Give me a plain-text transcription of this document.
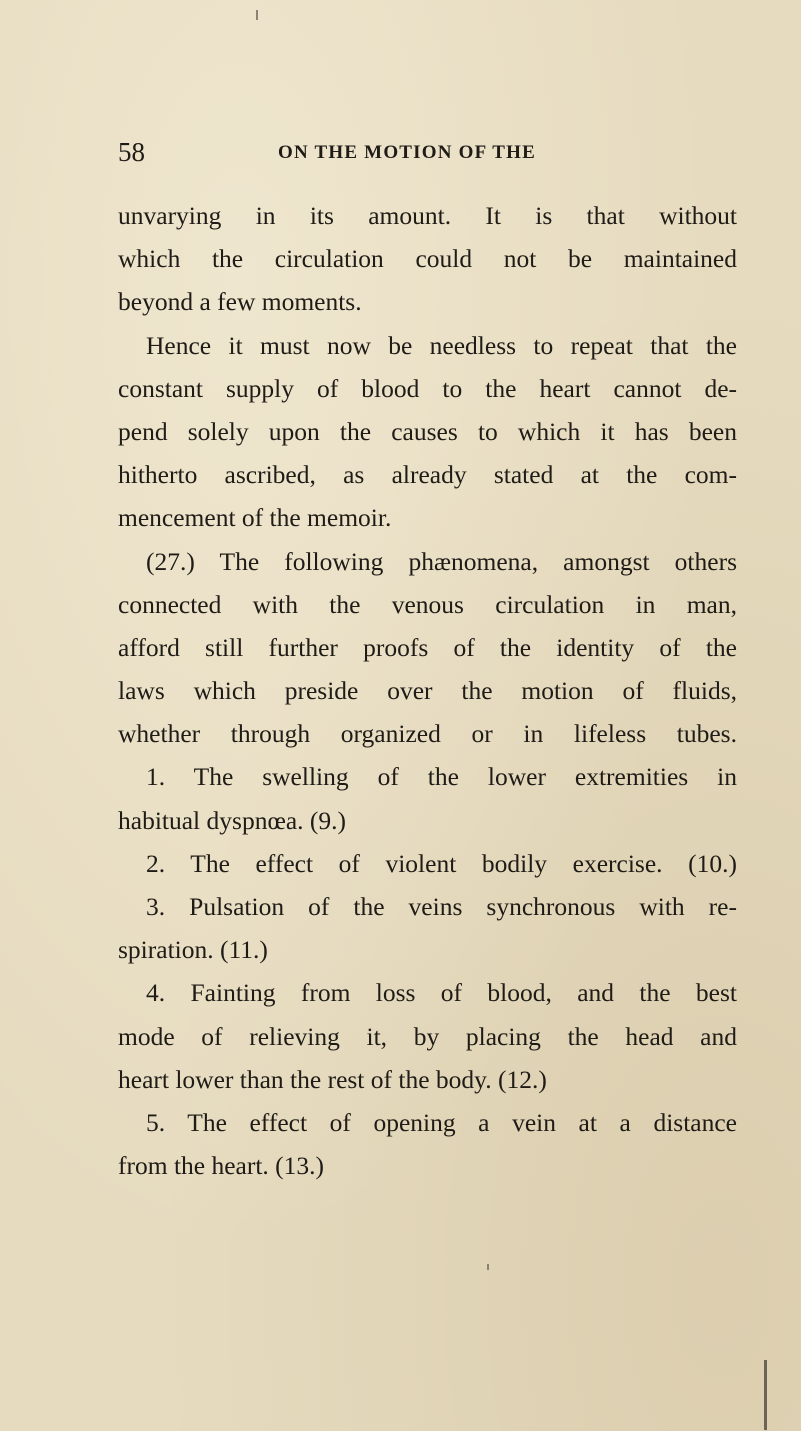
58	ON THE MOTION OF THE
unvarying in its amount. It is that without
which the circulation could not be maintained
beyond a few moments.
Hence it must now be needless to repeat that the
constant supply of blood to the heart cannot de-
pend solely upon the causes to which it has been
hitherto ascribed, as already stated at the com-
mencement of the memoir.
(27.) The following phænomena, amongst others
connected with the venous circulation in man,
afford still further proofs of the identity of the
laws which preside over the motion of fluids,
whether through organized or in lifeless tubes.
1. The swelling of the lower extremities in
habitual dyspnœa. (9.)
2. The effect of violent bodily exercise. (10.)
3. Pulsation of the veins synchronous with re-
spiration. (11.)
4. Fainting from loss of blood, and the best
mode of relieving it, by placing the head and
heart lower than the rest of the body. (12.)
5. The effect of opening a vein at a distance
from the heart. (13.)
